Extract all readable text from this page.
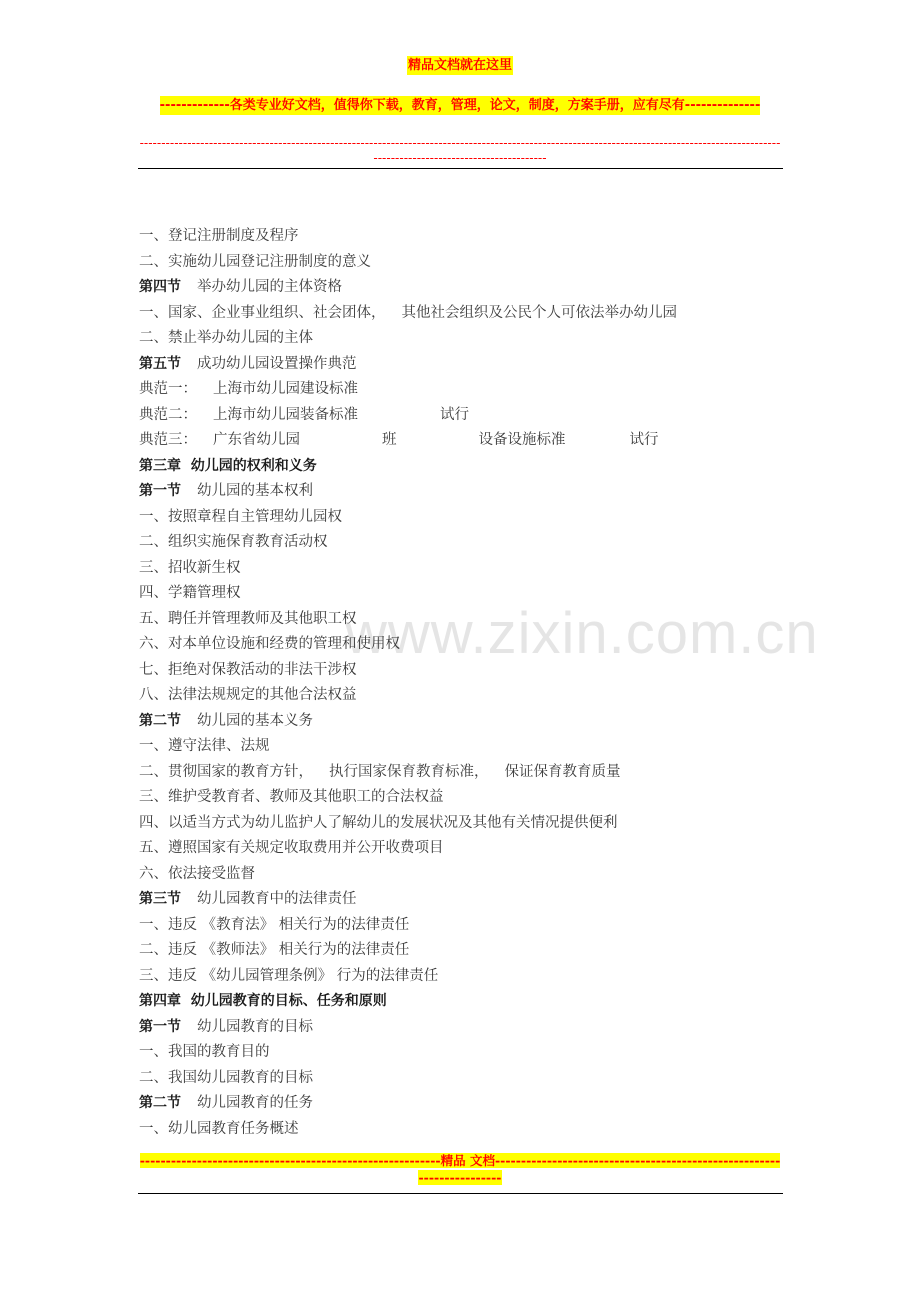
精品文档就在这里
-------------各类专业好文档，值得你下载，教育，管理，论文，制度，方案手册，应有尽有--------------
--------------------------------------------------------------------------------------------------------------------------------------------------------------------------------------------
www.zixin.com.cn
一、登记注册制度及程序
二、实施幼儿园登记注册制度的意义
第四节 举办幼儿园的主体资格
一、国家、企业事业组织、社会团体， 其他社会组织及公民个人可依法举办幼儿园
二、禁止举办幼儿园的主体
第五节 成功幼儿园设置操作典范
典范一： 上海市幼儿园建设标准
典范二： 上海市幼儿园装备标准	试行
典范三： 广东省幼儿园	班	设备设施标准	试行
第三章  幼儿园的权利和义务
第一节 幼儿园的基本权利
一、按照章程自主管理幼儿园权
二、组织实施保育教育活动权
三、招收新生权
四、学籍管理权
五、聘任并管理教师及其他职工权
六、对本单位设施和经费的管理和使用权
七、拒绝对保教活动的非法干涉权
八、法律法规规定的其他合法权益
第二节 幼儿园的基本义务
一、遵守法律、法规
二、贯彻国家的教育方针， 执行国家保育教育标准， 保证保育教育质量
三、维护受教育者、教师及其他职工的合法权益
四、以适当方式为幼儿监护人了解幼儿的发展状况及其他有关情况提供便利
五、遵照国家有关规定收取费用并公开收费项目
六、依法接受监督
第三节 幼儿园教育中的法律责任
一、违反 《教育法》 相关行为的法律责任
二、违反 《教师法》 相关行为的法律责任
三、违反 《幼儿园管理条例》 行为的法律责任
第四章  幼儿园教育的目标、任务和原则
第一节 幼儿园教育的目标
一、我国的教育目的
二、我国幼儿园教育的目标
第二节 幼儿园教育的任务
一、幼儿园教育任务概述
----------------------------------------------------------精品 文档-----------------------------------------------------------------------
